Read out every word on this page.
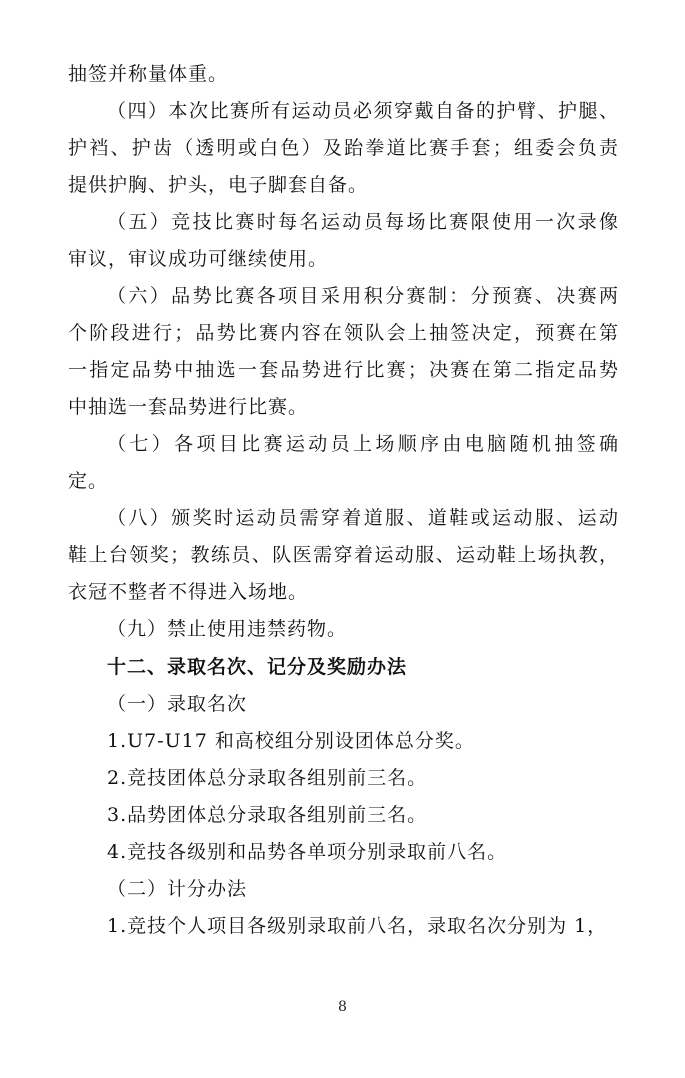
抽签并称量体重。
（四）本次比赛所有运动员必须穿戴自备的护臂、护腿、
护裆、护齿（透明或白色）及跆拳道比赛手套；组委会负责
提供护胸、护头，电子脚套自备。
（五）竞技比赛时每名运动员每场比赛限使用一次录像
审议，审议成功可继续使用。
（六）品势比赛各项目采用积分赛制：分预赛、决赛两
个阶段进行；品势比赛内容在领队会上抽签决定，预赛在第
一指定品势中抽选一套品势进行比赛；决赛在第二指定品势
中抽选一套品势进行比赛。
（七）各项目比赛运动员上场顺序由电脑随机抽签确
定。
（八）颁奖时运动员需穿着道服、道鞋或运动服、运动
鞋上台领奖；教练员、队医需穿着运动服、运动鞋上场执教，
衣冠不整者不得进入场地。
（九）禁止使用违禁药物。
十二、录取名次、记分及奖励办法
（一）录取名次
1.U7-U17 和高校组分别设团体总分奖。
2.竞技团体总分录取各组别前三名。
3.品势团体总分录取各组别前三名。
4.竞技各级别和品势各单项分别录取前八名。
（二）计分办法
1.竞技个人项目各级别录取前八名，录取名次分别为 1，
8
